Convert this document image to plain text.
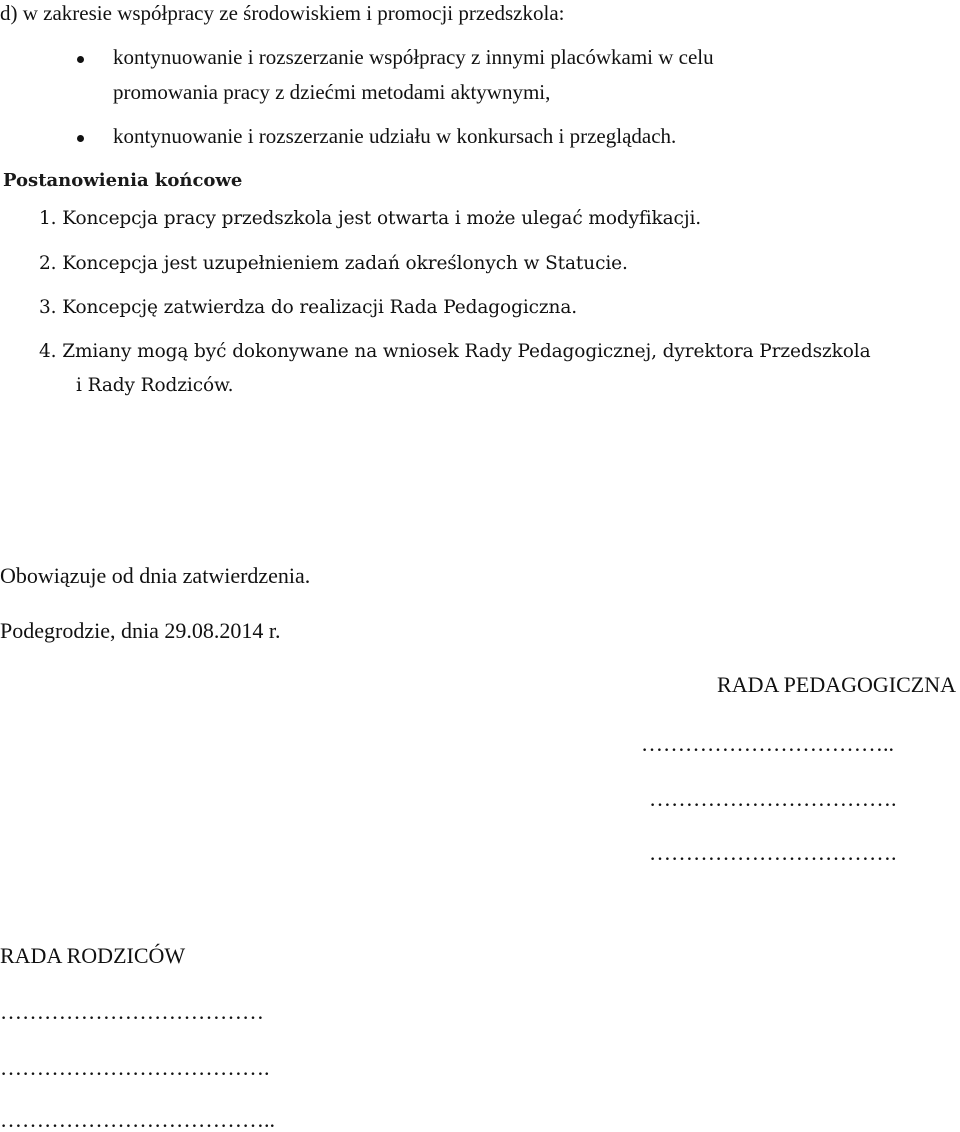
d) w zakresie współpracy ze środowiskiem i promocji przedszkola:
kontynuowanie i rozszerzanie współpracy z innymi placówkami w celu
promowania pracy z dziećmi metodami aktywnymi,
kontynuowanie i rozszerzanie udziału w konkursach i przeglądach.
Postanowienia końcowe
1. Koncepcja pracy przedszkola jest otwarta i może ulegać modyfikacji.
2. Koncepcja jest uzupełnieniem zadań określonych w Statucie.
3. Koncepcję zatwierdza do realizacji Rada Pedagogiczna.
4. Zmiany mogą być dokonywane na wniosek Rady Pedagogicznej, dyrektora Przedszkola
i Rady Rodziców.
Obowiązuje od dnia zatwierdzenia.
Podegrodzie, dnia 29.08.2014 r.
RADA PEDAGOGICZNA
……………………………..
…………………………….
…………………………….
RADA RODZICÓW
………………………………
……………………………….
………………………………..
